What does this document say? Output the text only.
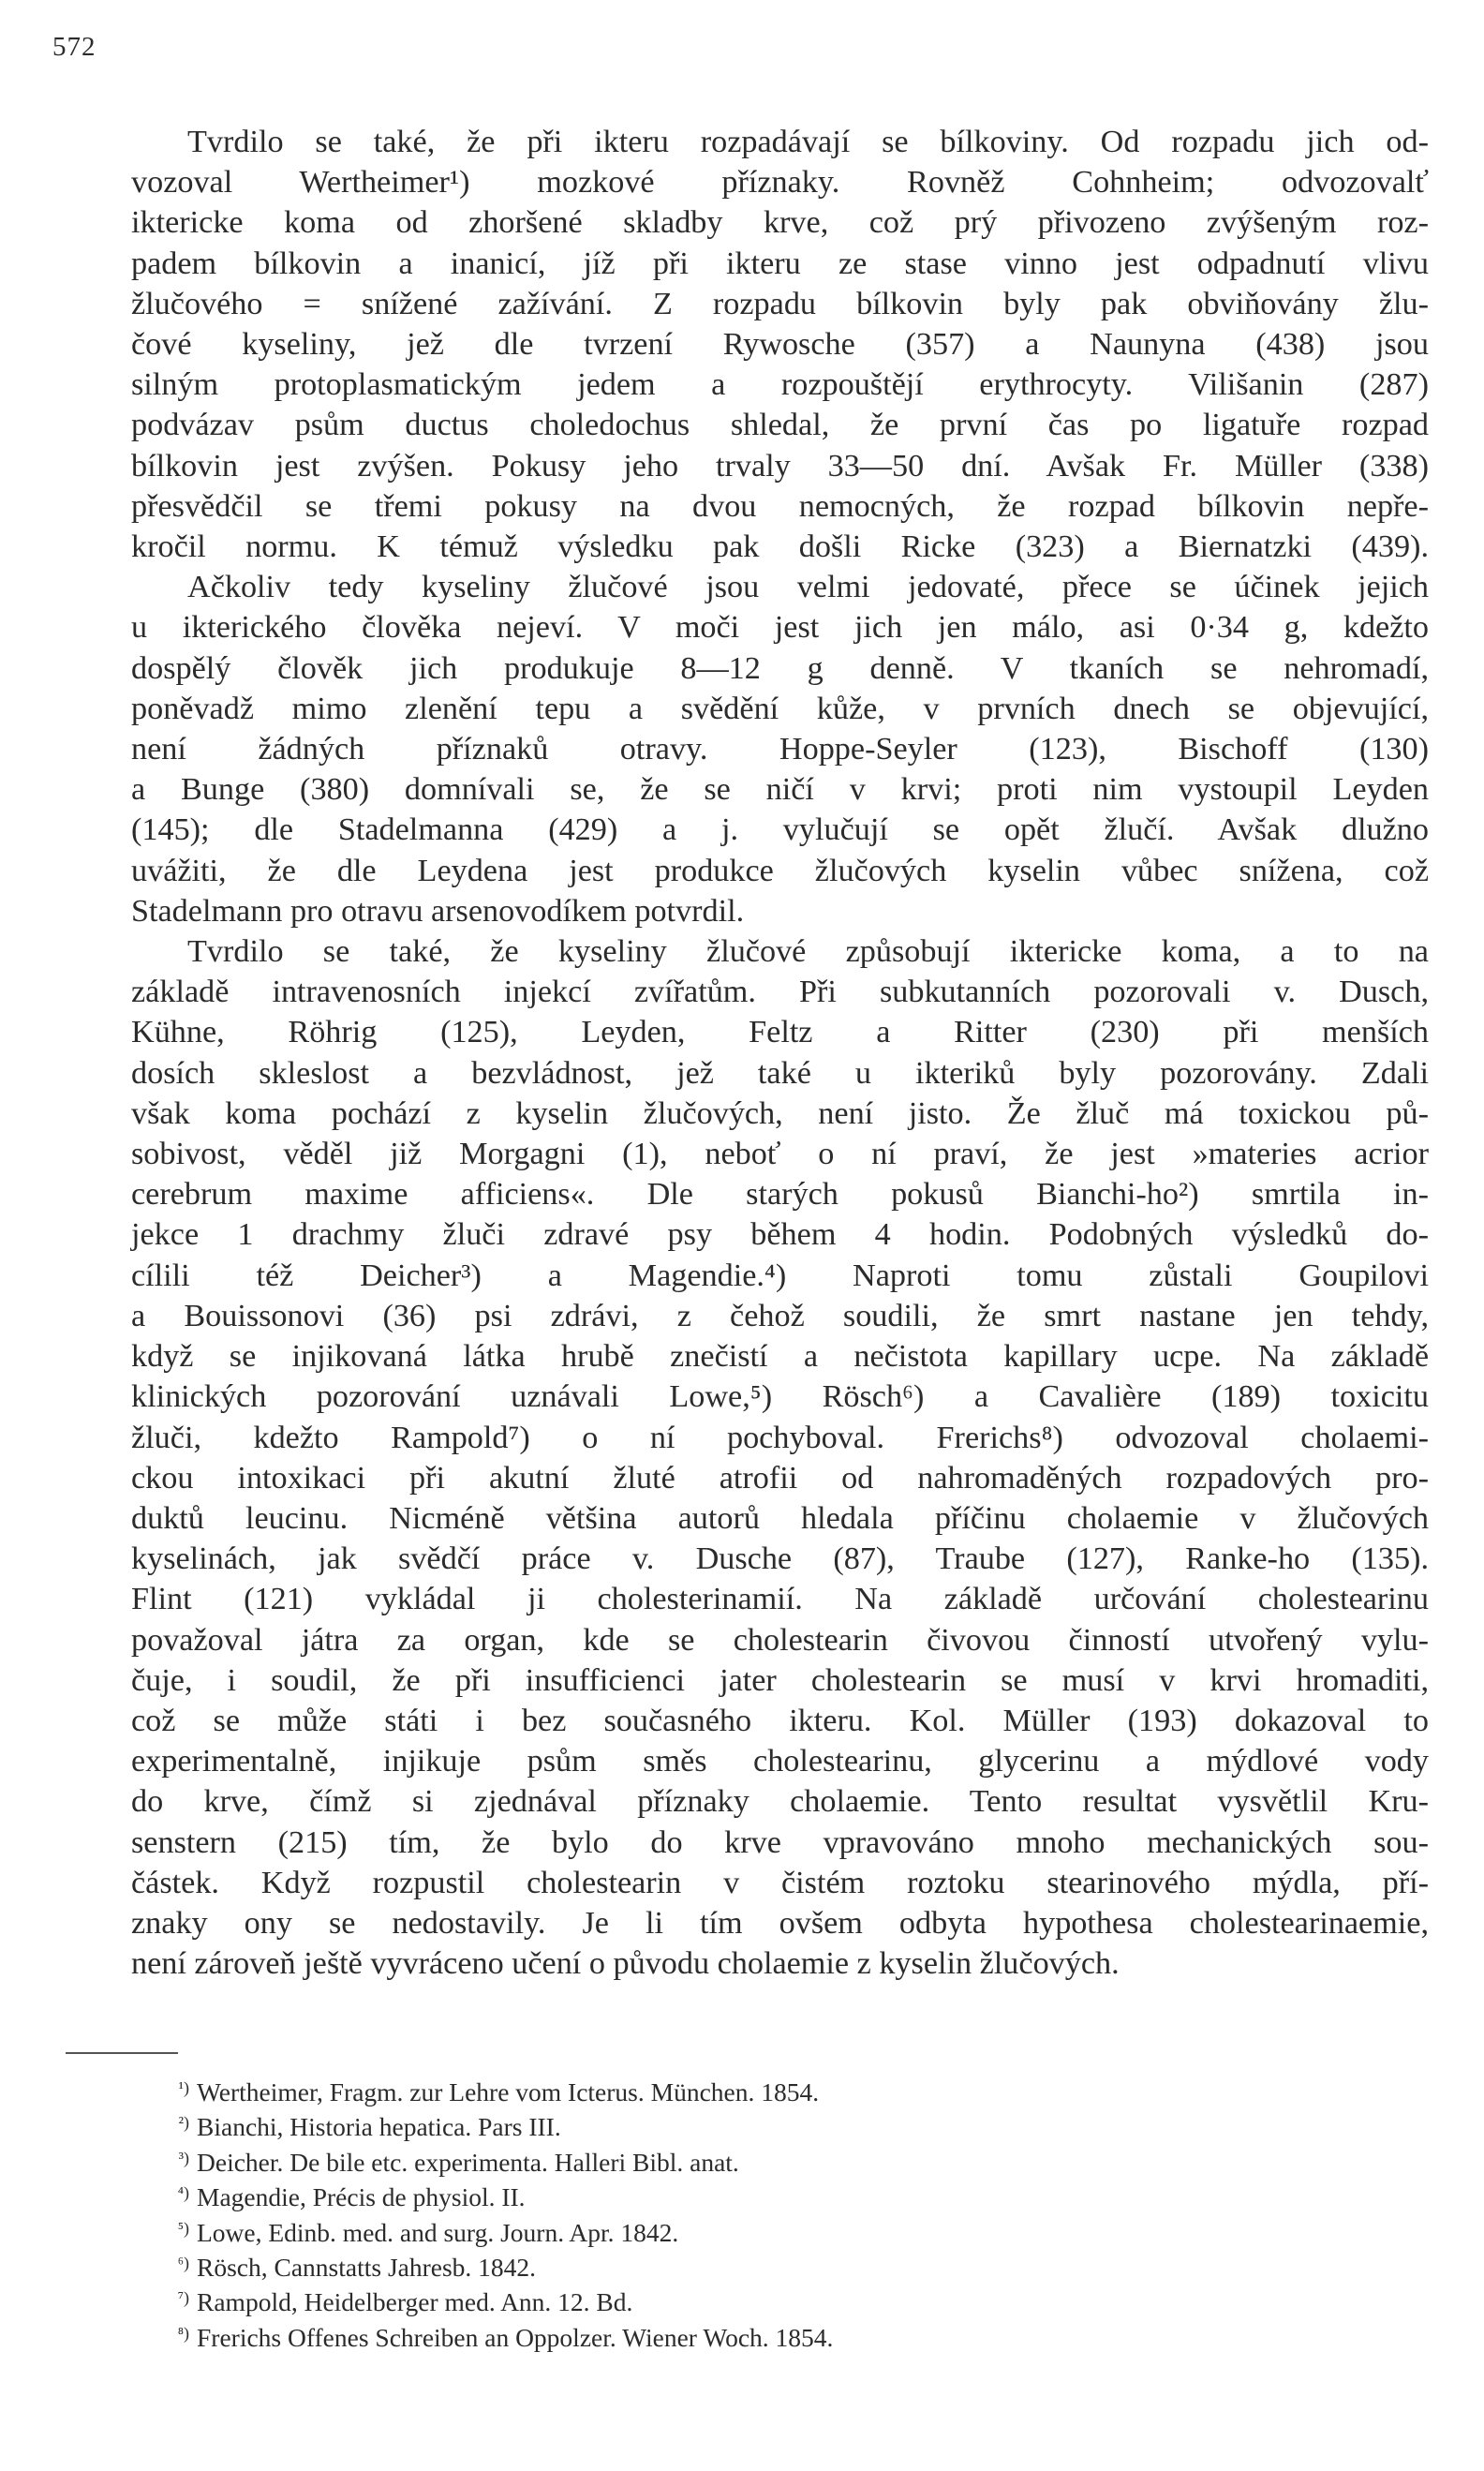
572
Tvrdilo se také, že při ikteru rozpadávají se bílkoviny. Od rozpadu jich od-
vozoval Wertheimer¹) mozkové příznaky. Rovněž Cohnheim; odvozovalť
iktericke koma od zhoršené skladby krve, což prý přivozeno zvýšeným roz-
padem bílkovin a inanicí, jíž při ikteru ze stase vinno jest odpadnutí vlivu
žlučového = snížené zažívání. Z rozpadu bílkovin byly pak obviňovány žlu-
čové kyseliny, jež dle tvrzení Rywosche (357) a Naunyna (438) jsou
silným protoplasmatickým jedem a rozpouštějí erythrocyty. Vilišanin (287)
podvázav psům ductus choledochus shledal, že první čas po ligatuře rozpad
bílkovin jest zvýšen. Pokusy jeho trvaly 33—50 dní. Avšak Fr. Müller (338)
přesvědčil se třemi pokusy na dvou nemocných, že rozpad bílkovin nepře-
kročil normu. K témuž výsledku pak došli Ricke (323) a Biernatzki (439).
Ačkoliv tedy kyseliny žlučové jsou velmi jedovaté, přece se účinek jejich
u ikterického člověka nejeví. V moči jest jich jen málo, asi 0·34 g, kdežto
dospělý člověk jich produkuje 8—12 g denně. V tkaních se nehromadí,
poněvadž mimo zlenění tepu a svědění kůže, v prvních dnech se objevující,
není žádných příznaků otravy. Hoppe-Seyler (123), Bischoff (130)
a Bunge (380) domnívali se, že se ničí v krvi; proti nim vystoupil Leyden
(145); dle Stadelmanna (429) a j. vylučují se opět žlučí. Avšak dlužno
uvážiti, že dle Leydena jest produkce žlučových kyselin vůbec snížena, což
Stadelmann pro otravu arsenovodíkem potvrdil.
Tvrdilo se také, že kyseliny žlučové způsobují iktericke koma, a to na
základě intravenosních injekcí zvířatům. Při subkutanních pozorovali v. Dusch,
Kühne, Röhrig (125), Leyden, Feltz a Ritter (230) při menších
dosích skleslost a bezvládnost, jež také u ikteriků byly pozorovány. Zdali
však koma pochází z kyselin žlučových, není jisto. Že žluč má toxickou pů-
sobivost, věděl již Morgagni (1), neboť o ní praví, že jest »materies acrior
cerebrum maxime afficiens«. Dle starých pokusů Bianchi-ho²) smrtila in-
jekce 1 drachmy žluči zdravé psy během 4 hodin. Podobných výsledků do-
cílili též Deicher³) a Magendie.⁴) Naproti tomu zůstali Goupilovi
a Bouissonovi (36) psi zdrávi, z čehož soudili, že smrt nastane jen tehdy,
když se injikovaná látka hrubě znečistí a nečistota kapillary ucpe. Na základě
klinických pozorování uznávali Lowe,⁵) Rösch⁶) a Cavalière (189) toxicitu
žluči, kdežto Rampold⁷) o ní pochyboval. Frerichs⁸) odvozoval cholaemi-
ckou intoxikaci při akutní žluté atrofii od nahromaděných rozpadových pro-
duktů leucinu. Nicméně většina autorů hledala příčinu cholaemie v žlučových
kyselinách, jak svědčí práce v. Dusche (87), Traube (127), Ranke-ho (135).
Flint (121) vykládal ji cholesterinamií. Na základě určování cholestearinu
považoval játra za organ, kde se cholestearin čivovou činností utvořený vylu-
čuje, i soudil, že při insufficienci jater cholestearin se musí v krvi hromaditi,
což se může státi i bez současného ikteru. Kol. Müller (193) dokazoval to
experimentalně, injikuje psům směs cholestearinu, glycerinu a mýdlové vody
do krve, čímž si zjednával příznaky cholaemie. Tento resultat vysvětlil Kru-
senstern (215) tím, že bylo do krve vpravováno mnoho mechanických sou-
částek. Když rozpustil cholestearin v čistém roztoku stearinového mýdla, pří-
znaky ony se nedostavily. Je li tím ovšem odbyta hypothesa cholestearinaemie,
není zároveň ještě vyvráceno učení o původu cholaemie z kyselin žlučových.
¹) Wertheimer, Fragm. zur Lehre vom Icterus. München. 1854.
²) Bianchi, Historia hepatica. Pars III.
³) Deicher. De bile etc. experimenta. Halleri Bibl. anat.
⁴) Magendie, Précis de physiol. II.
⁵) Lowe, Edinb. med. and surg. Journ. Apr. 1842.
⁶) Rösch, Cannstatts Jahresb. 1842.
⁷) Rampold, Heidelberger med. Ann. 12. Bd.
⁸) Frerichs Offenes Schreiben an Oppolzer. Wiener Woch. 1854.
